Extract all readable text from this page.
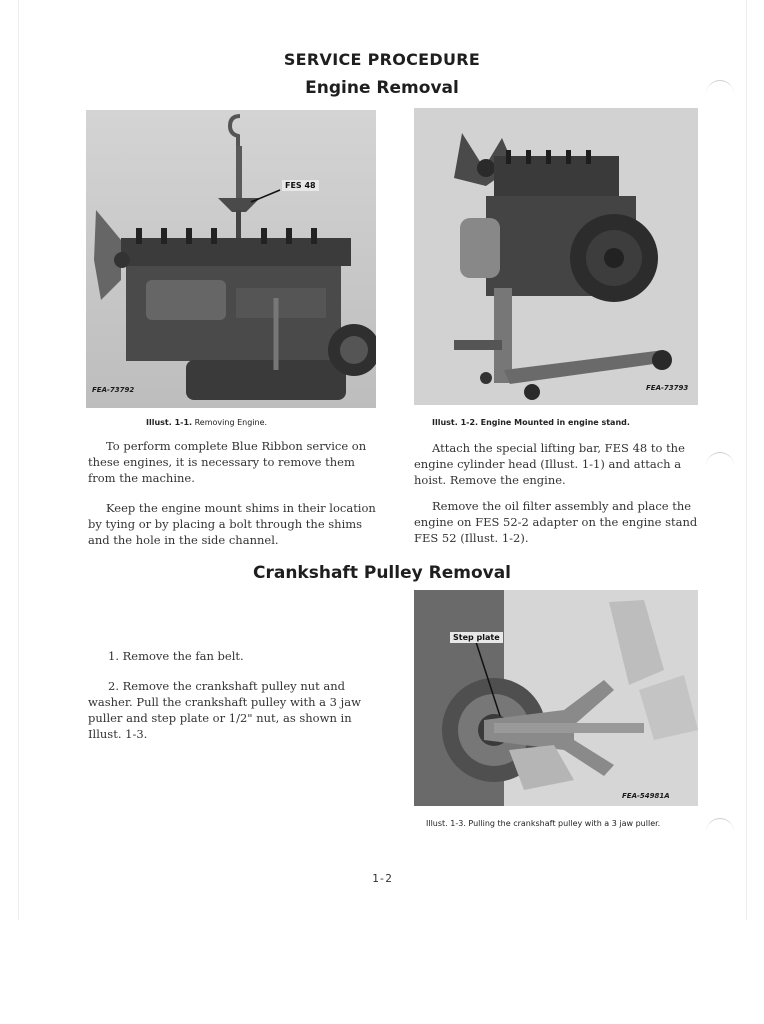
SERVICE PROCEDURE
Engine Removal
FES 48
FEA-73792
Illust. 1-1. Removing Engine.
FEA-73793
Illust. 1-2. Engine Mounted in engine stand.

To perform complete Blue Ribbon service on these engines, it is necessary to remove them from the machine.

Keep the engine mount shims in their location by tying or by placing a bolt through the shims and the hole in the side channel.

Attach the special lifting bar, FES 48 to the engine cylinder head (Illust. 1-1) and attach a hoist. Remove the engine.

Remove the oil filter assembly and place the engine on FES 52-2 adapter on the engine stand FES 52 (Illust. 1-2).

Crankshaft Pulley Removal

1. Remove the fan belt.

2. Remove the crankshaft pulley nut and washer. Pull the crankshaft pulley with a 3 jaw puller and step plate or 1/2" nut, as shown in Illust. 1-3.

Step plate
FEA-54981A
Illust. 1-3. Pulling the crankshaft pulley with a 3 jaw puller.
1-2
